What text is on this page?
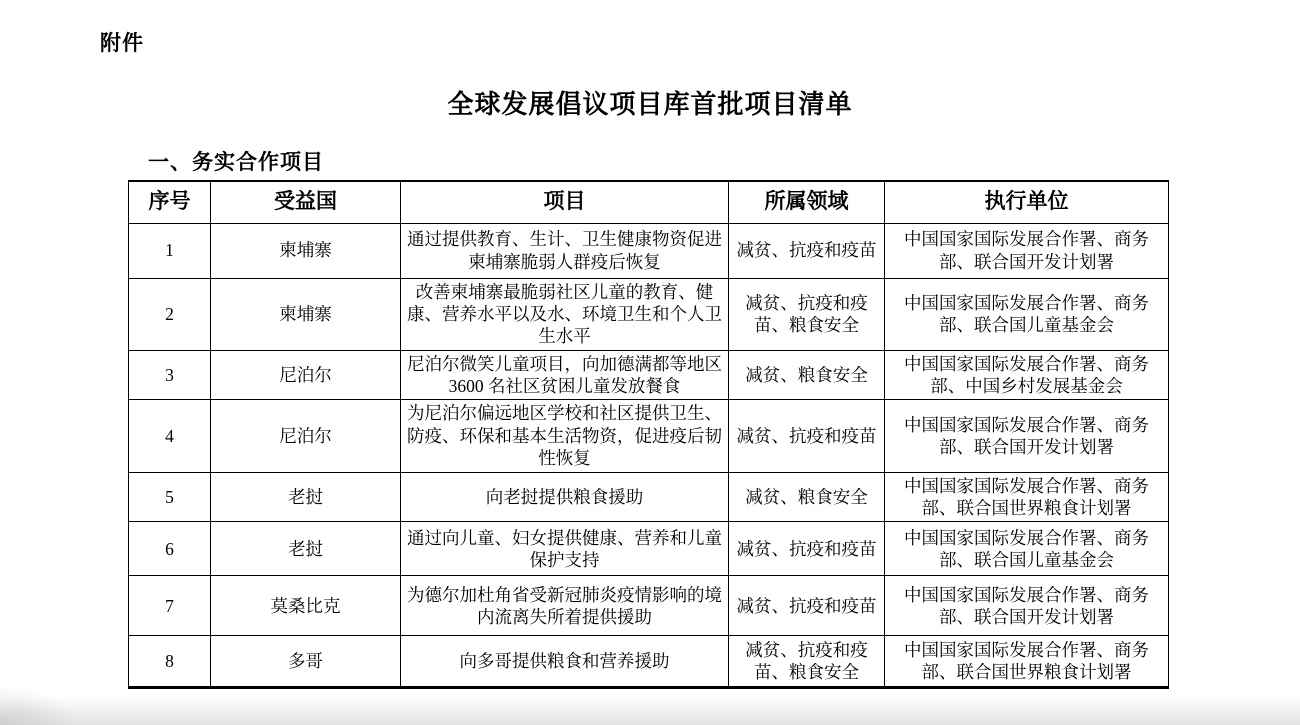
附件
全球发展倡议项目库首批项目清单
一、务实合作项目
序号	受益国	项目	所属领域	执行单位
1	柬埔寨	通过提供教育、生计、卫生健康物资促进柬埔寨脆弱人群疫后恢复	减贫、抗疫和疫苗	中国国家国际发展合作署、商务部、联合国开发计划署
2	柬埔寨	改善柬埔寨最脆弱社区儿童的教育、健康、营养水平以及水、环境卫生和个人卫生水平	减贫、抗疫和疫苗、粮食安全	中国国家国际发展合作署、商务部、联合国儿童基金会
3	尼泊尔	尼泊尔微笑儿童项目，向加德满都等地区 3600 名社区贫困儿童发放餐食	减贫、粮食安全	中国国家国际发展合作署、商务部、中国乡村发展基金会
4	尼泊尔	为尼泊尔偏远地区学校和社区提供卫生、防疫、环保和基本生活物资，促进疫后韧性恢复	减贫、抗疫和疫苗	中国国家国际发展合作署、商务部、联合国开发计划署
5	老挝	向老挝提供粮食援助	减贫、粮食安全	中国国家国际发展合作署、商务部、联合国世界粮食计划署
6	老挝	通过向儿童、妇女提供健康、营养和儿童保护支持	减贫、抗疫和疫苗	中国国家国际发展合作署、商务部、联合国儿童基金会
7	莫桑比克	为德尔加杜角省受新冠肺炎疫情影响的境内流离失所着提供援助	减贫、抗疫和疫苗	中国国家国际发展合作署、商务部、联合国开发计划署
8	多哥	向多哥提供粮食和营养援助	减贫、抗疫和疫苗、粮食安全	中国国家国际发展合作署、商务部、联合国世界粮食计划署
